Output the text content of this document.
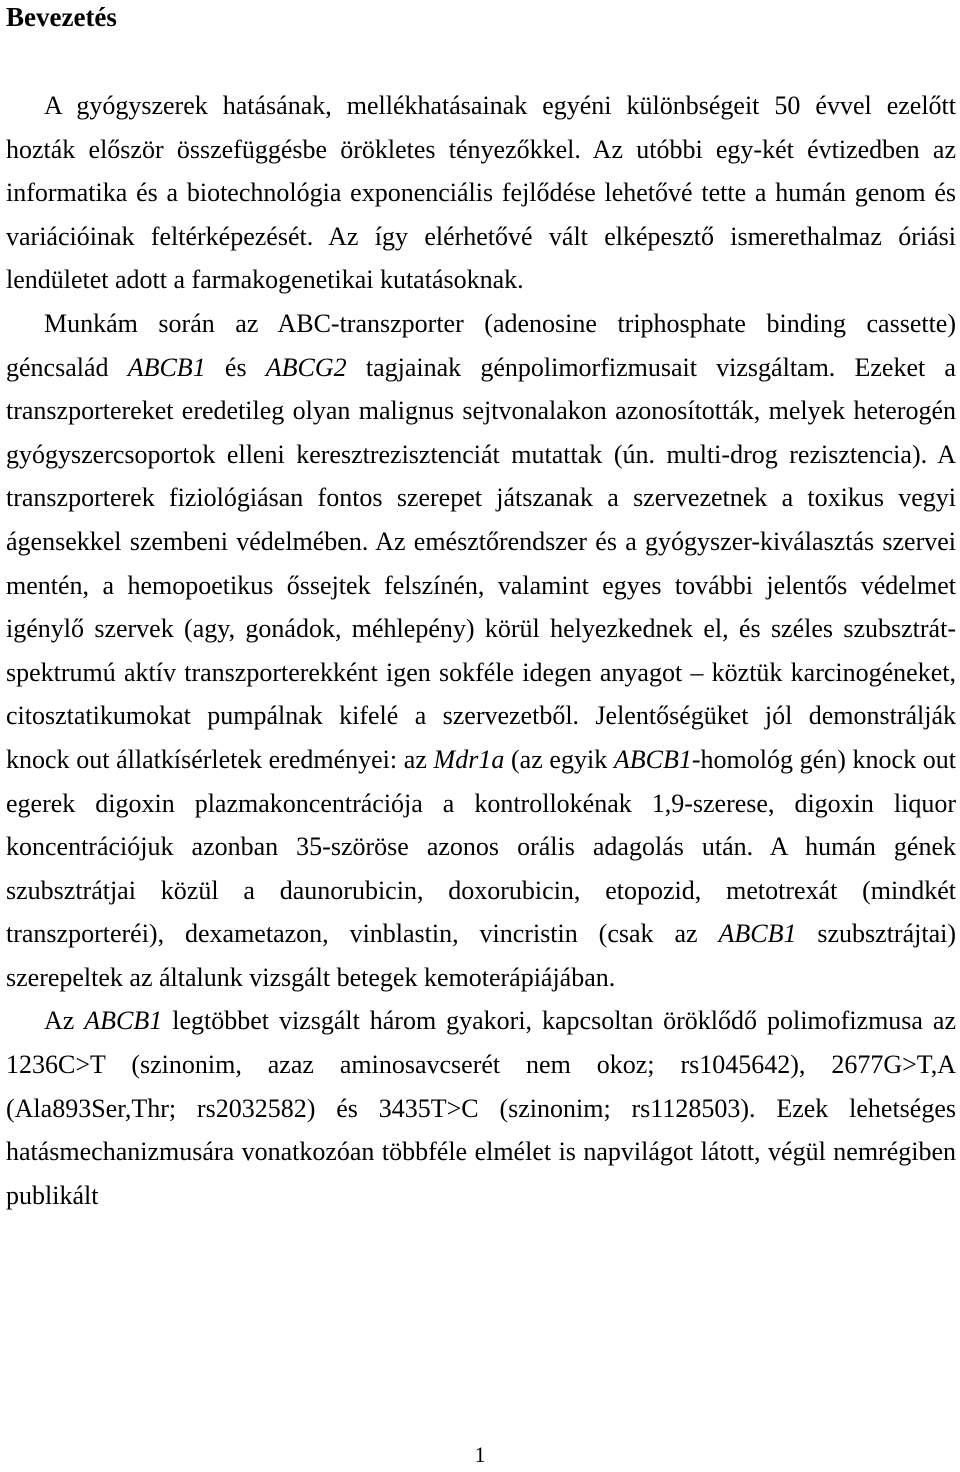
Bevezetés

A gyógyszerek hatásának, mellékhatásainak egyéni különbségeit 50 évvel ezelőtt hozták először összefüggésbe örökletes tényezőkkel. Az utóbbi egy-két évtizedben az informatika és a biotechnológia exponenciális fejlődése lehetővé tette a humán genom és variációinak feltérképezését. Az így elérhetővé vált elképesztő ismerethalmaz óriási lendületet adott a farmakogenetikai kutatásoknak.

Munkám során az ABC-transzporter (adenosine triphosphate binding cassette) géncsalád ABCB1 és ABCG2 tagjainak génpolimorfizmusait vizsgáltam. Ezeket a transzportereket eredetileg olyan malignus sejtvonalakon azonosították, melyek heterogén gyógyszercsoportok elleni keresztrezisztenciát mutattak (ún. multi-drog rezisztencia). A transzporterek fiziológiásan fontos szerepet játszanak a szervezetnek a toxikus vegyi ágensekkel szembeni védelmében. Az emésztőrendszer és a gyógyszer-kiválasztás szervei mentén, a hemopoetikus őssejtek felszínén, valamint egyes további jelentős védelmet igénylő szervek (agy, gonádok, méhlepény) körül helyezkednek el, és széles szubsztrátspektrumú aktív transzporterekként igen sokféle idegen anyagot – köztük karcinogéneket, citosztatikumokat pumpálnak kifelé a szervezetből. Jelentőségüket jól demonstrálják knock out állatkísérletek eredményei: az Mdr1a (az egyik ABCB1-homológ gén) knock out egerek digoxin plazmakoncentrációja a kontrollokénak 1,9-szerese, digoxin liquor koncentrációjuk azonban 35-szöröse azonos orális adagolás után. A humán gének szubsztrátjai közül a daunorubicin, doxorubicin, etopozid, metotrexát (mindkét transzporteréi), dexametazon, vinblastin, vincristin (csak az ABCB1 szubsztrájtai) szerepeltek az általunk vizsgált betegek kemoterápiájában.

Az ABCB1 legtöbbet vizsgált három gyakori, kapcsoltan öröklődő polimofizmusa az 1236C>T (szinonim, azaz aminosavcserét nem okoz; rs1045642), 2677G>T,A (Ala893Ser,Thr; rs2032582) és 3435T>C (szinonim; rs1128503). Ezek lehetséges hatásmechanizmusára vonatkozóan többféle elmélet is napvilágot látott, végül nemrégiben publikált

1
